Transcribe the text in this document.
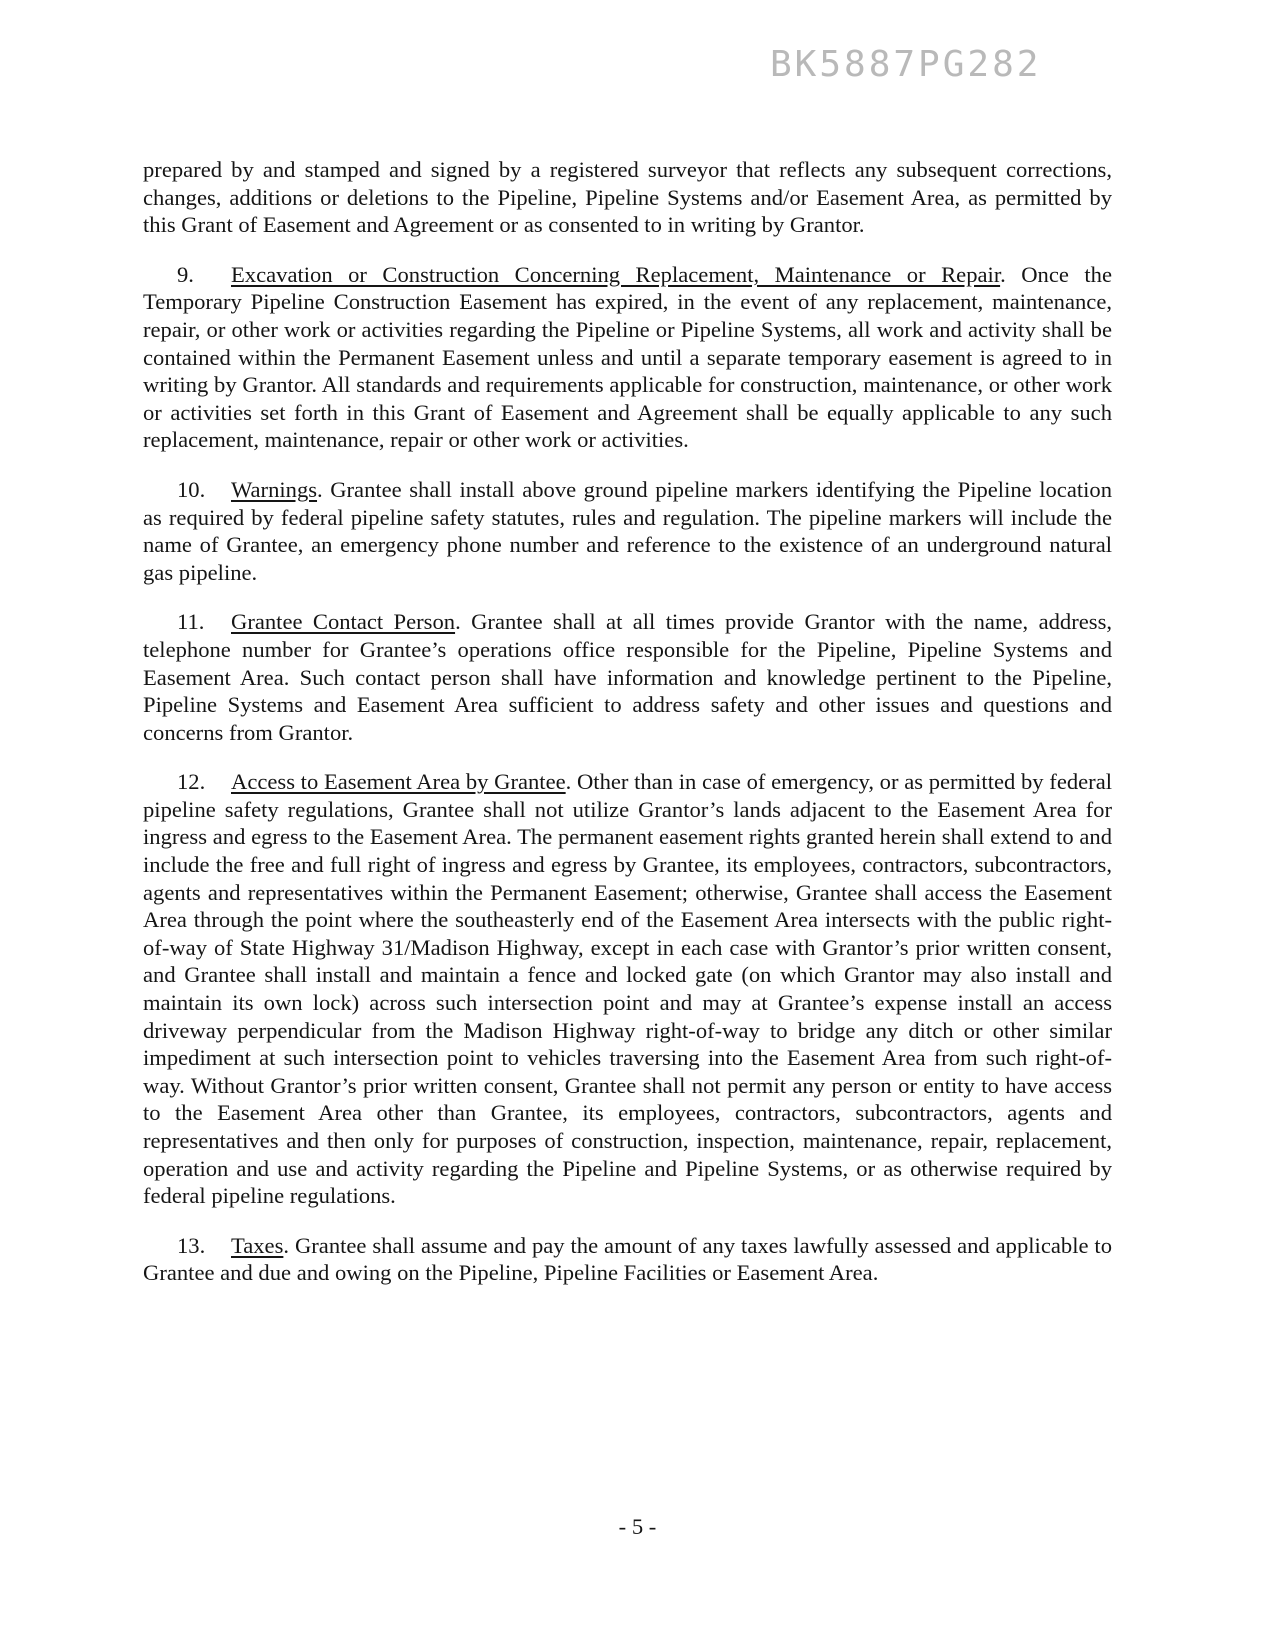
BK5887PG282

prepared by and stamped and signed by a registered surveyor that reflects any subsequent corrections, changes, additions or deletions to the Pipeline, Pipeline Systems and/or Easement Area, as permitted by this Grant of Easement and Agreement or as consented to in writing by Grantor.

9. Excavation or Construction Concerning Replacement, Maintenance or Repair. Once the Temporary Pipeline Construction Easement has expired, in the event of any replacement, maintenance, repair, or other work or activities regarding the Pipeline or Pipeline Systems, all work and activity shall be contained within the Permanent Easement unless and until a separate temporary easement is agreed to in writing by Grantor. All standards and requirements applicable for construction, maintenance, or other work or activities set forth in this Grant of Easement and Agreement shall be equally applicable to any such replacement, maintenance, repair or other work or activities.

10. Warnings. Grantee shall install above ground pipeline markers identifying the Pipeline location as required by federal pipeline safety statutes, rules and regulation. The pipeline markers will include the name of Grantee, an emergency phone number and reference to the existence of an underground natural gas pipeline.

11. Grantee Contact Person. Grantee shall at all times provide Grantor with the name, address, telephone number for Grantee’s operations office responsible for the Pipeline, Pipeline Systems and Easement Area. Such contact person shall have information and knowledge pertinent to the Pipeline, Pipeline Systems and Easement Area sufficient to address safety and other issues and questions and concerns from Grantor.

12. Access to Easement Area by Grantee. Other than in case of emergency, or as permitted by federal pipeline safety regulations, Grantee shall not utilize Grantor’s lands adjacent to the Easement Area for ingress and egress to the Easement Area. The permanent easement rights granted herein shall extend to and include the free and full right of ingress and egress by Grantee, its employees, contractors, subcontractors, agents and representatives within the Permanent Easement; otherwise, Grantee shall access the Easement Area through the point where the southeasterly end of the Easement Area intersects with the public right-of-way of State Highway 31/Madison Highway, except in each case with Grantor’s prior written consent, and Grantee shall install and maintain a fence and locked gate (on which Grantor may also install and maintain its own lock) across such intersection point and may at Grantee’s expense install an access driveway perpendicular from the Madison Highway right-of-way to bridge any ditch or other similar impediment at such intersection point to vehicles traversing into the Easement Area from such right-of-way. Without Grantor’s prior written consent, Grantee shall not permit any person or entity to have access to the Easement Area other than Grantee, its employees, contractors, subcontractors, agents and representatives and then only for purposes of construction, inspection, maintenance, repair, replacement, operation and use and activity regarding the Pipeline and Pipeline Systems, or as otherwise required by federal pipeline regulations.

13. Taxes. Grantee shall assume and pay the amount of any taxes lawfully assessed and applicable to Grantee and due and owing on the Pipeline, Pipeline Facilities or Easement Area.

- 5 -
